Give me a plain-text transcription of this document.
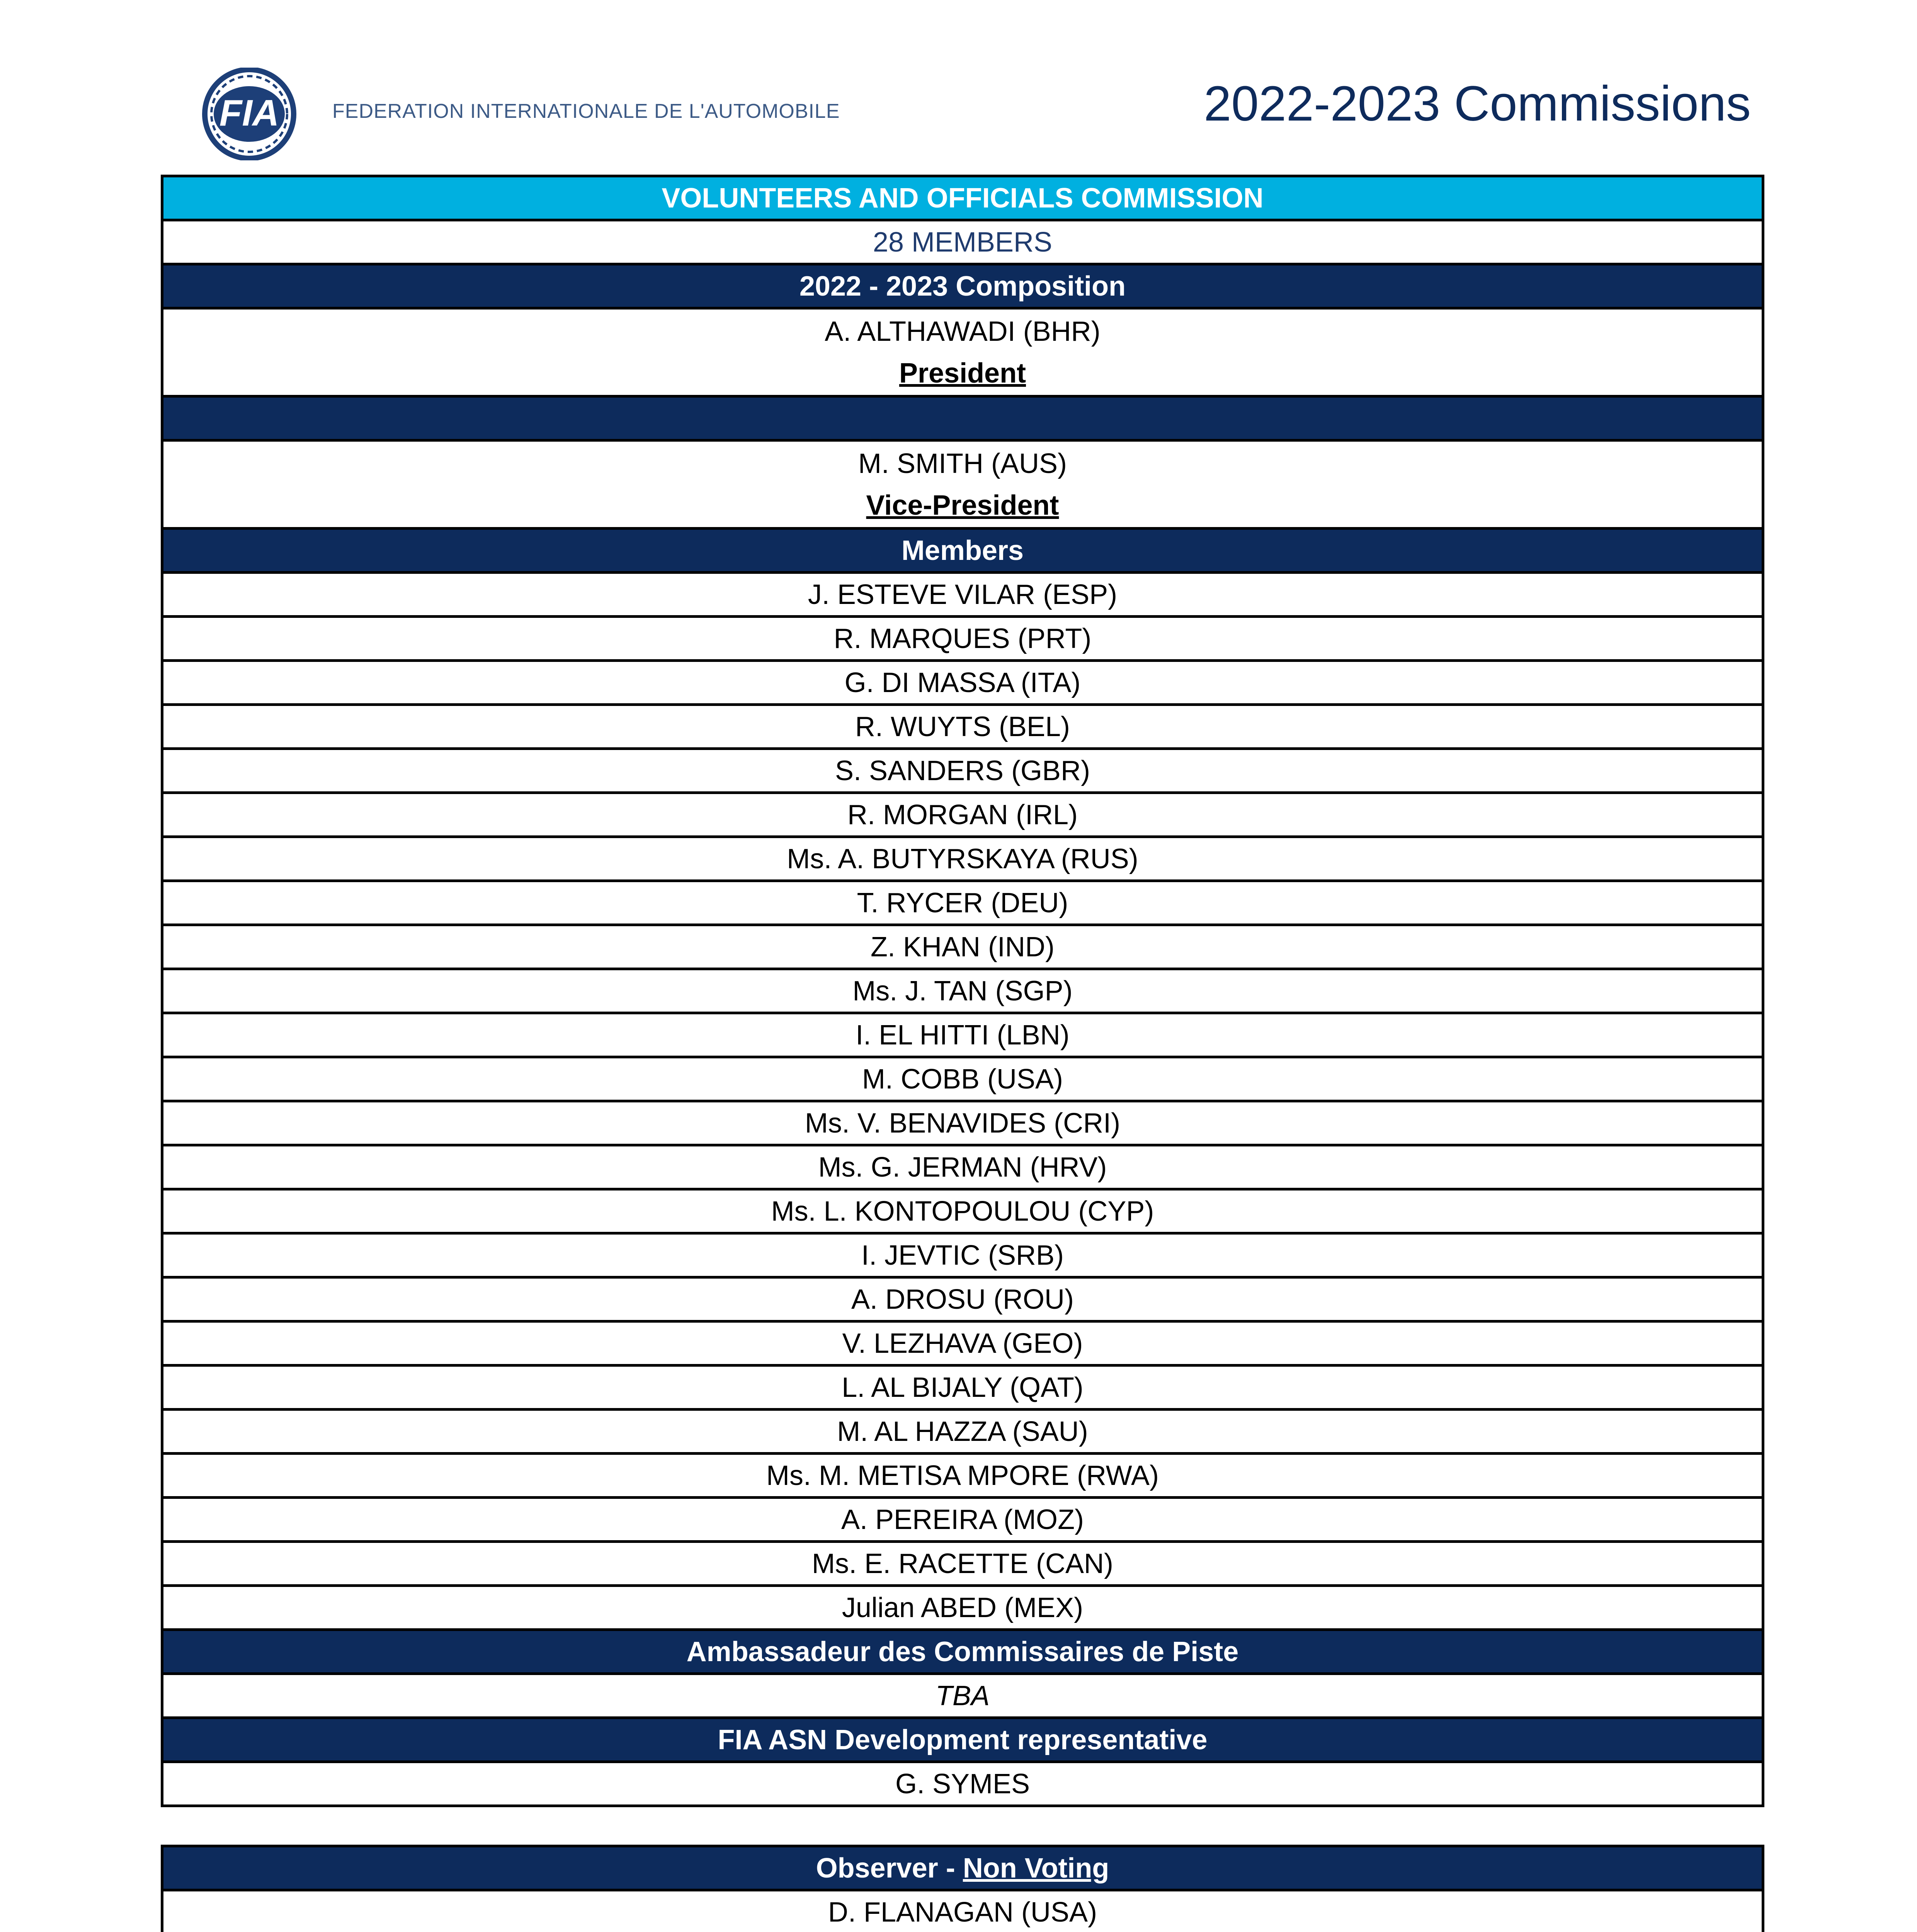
FIA	FEDERATION INTERNATIONALE DE L'AUTOMOBILE	2022-2023 Commissions
VOLUNTEERS AND OFFICIALS COMMISSION
28 MEMBERS
2022 - 2023 Composition

A. ALTHAWADI (BHR)
President

M. SMITH (AUS)
Vice-President

Members
J. ESTEVE VILAR (ESP)
R. MARQUES (PRT)
G. DI MASSA (ITA)
R. WUYTS (BEL)
S. SANDERS (GBR)
R. MORGAN (IRL)
Ms. A. BUTYRSKAYA (RUS)
T. RYCER (DEU)
Z. KHAN (IND)
Ms. J. TAN (SGP)
I. EL HITTI (LBN)
M. COBB (USA)
Ms. V. BENAVIDES (CRI)
Ms. G. JERMAN (HRV)
Ms. L. KONTOPOULOU (CYP)
I. JEVTIC (SRB)
A. DROSU (ROU)
V. LEZHAVA (GEO)
L. AL BIJALY (QAT)
M. AL HAZZA (SAU)
Ms. M. METISA MPORE (RWA)
A. PEREIRA (MOZ)
Ms. E. RACETTE (CAN)
Julian ABED (MEX)
Ambassadeur des Commissaires de Piste
TBA
FIA ASN Development representative
G. SYMES
Observer - Non Voting
D. FLANAGAN (USA)
